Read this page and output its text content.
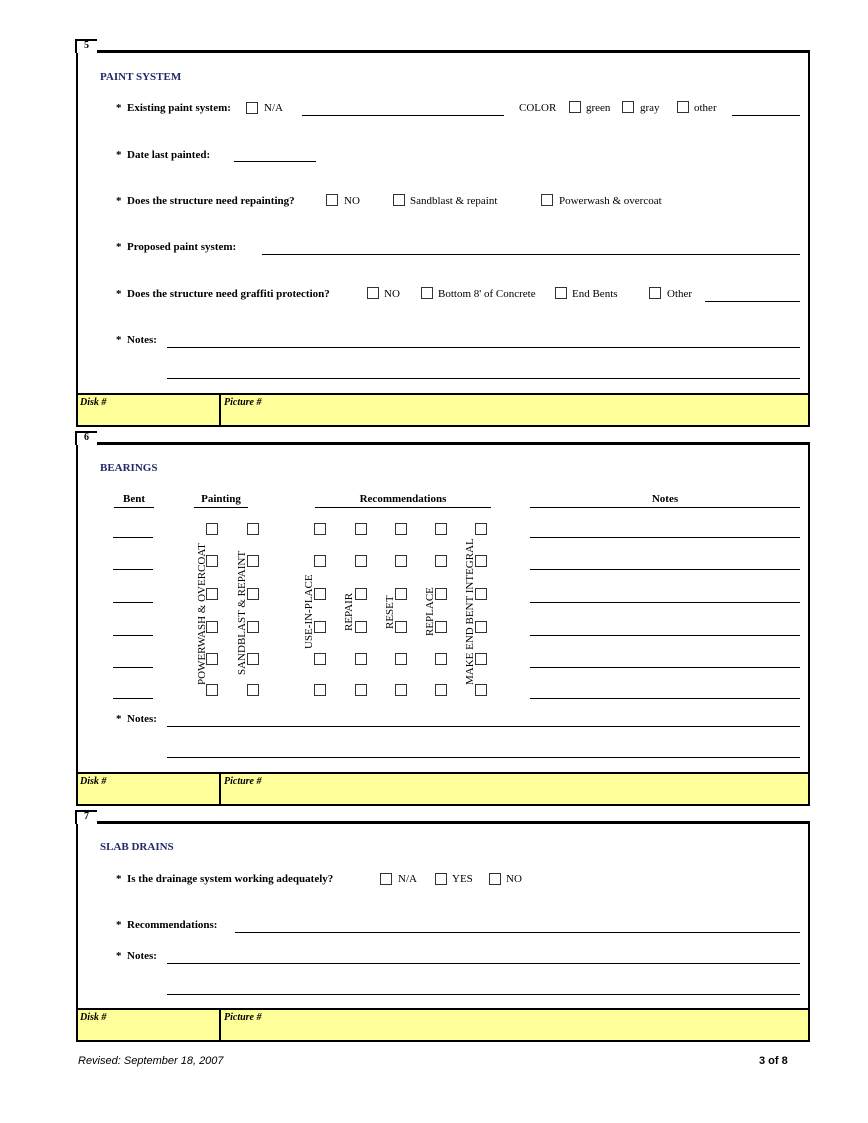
5
PAINT SYSTEM
*  Existing paint system:	N/A	COLOR	green	gray	other
*  Date last painted:
*  Does the structure need repainting?	NO	Sandblast & repaint	Powerwash & overcoat
*  Proposed paint system:
*  Does the structure need graffiti protection?	NO	Bottom 8' of Concrete	End Bents	Other
*  Notes:
Disk #	Picture #
6
BEARINGS
Bent	Painting	Recommendations	Notes
POWERWASH & OVERCOAT	SANDBLAST & REPAINT	USE-IN-PLACE	REPAIR	RESET	REPLACE	MAKE END BENT INTEGRAL
*  Notes:
Disk #	Picture #
7
SLAB DRAINS
*  Is the drainage system working adequately?	N/A	YES	NO
*  Recommendations:
*  Notes:
Disk #	Picture #
Revised: September 18, 2007	3 of 8
